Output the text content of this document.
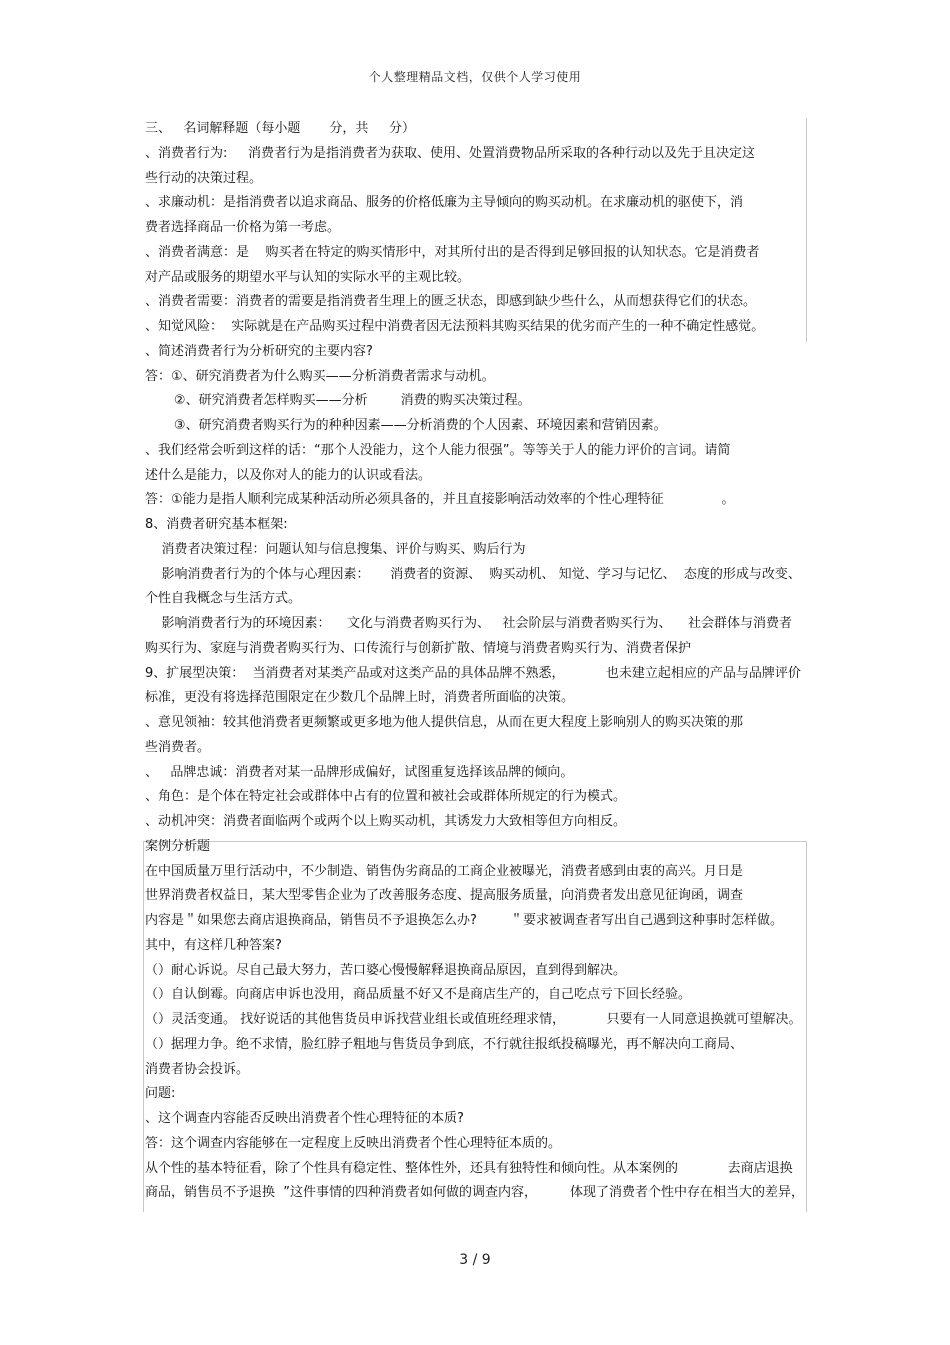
个人整理精品文档，仅供个人学习使用
三、   名词解释题（每小题       分，共     分）
、消费者行为:     消费者行为是指消费者为获取、使用、处置消费物品所采取的各种行动以及先于且决定这
些行动的决策过程。
、求廉动机：是指消费者以追求商品、服务的价格低廉为主导倾向的购买动机。在求廉动机的驱使下，消
费者选择商品一价格为第一考虑。
、消费者满意：是    购买者在特定的购买情形中，对其所付出的是否得到足够回报的认知状态。它是消费者
对产品或服务的期望水平与认知的实际水平的主观比较。
、消费者需要：消费者的需要是指消费者生理上的匮乏状态，即感到缺少些什么，从而想获得它们的状态。
、知觉风险：  实际就是在产品购买过程中消费者因无法预料其购买结果的优劣而产生的一种不确定性感觉。
、简述消费者行为分析研究的主要内容?
答：①、研究消费者为什么购买——分析消费者需求与动机。
②、研究消费者怎样购买——分析        消费的购买决策过程。
③、研究消费者购买行为的种种因素——分析消费的个人因素、环境因素和营销因素。
、我们经常会听到这样的话：“那个人没能力，这个人能力很强”。等等关于人的能力评价的言词。请简
述什么是能力，以及你对人的能力的认识或看法。
答：①能力是指人顺利完成某种活动所必须具备的，并且直接影响活动效率的个性心理特征              。
8、消费者研究基本框架:
消费者决策过程：问题认知与信息搜集、评价与购买、购后行为
影响消费者行为的个体与心理因素：     消费者的资源、  购买动机、 知觉、学习与记忆、  态度的形成与改变、
个性自我概念与生活方式。
影响消费者行为的环境因素：    文化与消费者购买行为、   社会阶层与消费者购买行为、    社会群体与消费者
购买行为、家庭与消费者购买行为、口传流行与创新扩散、情境与消费者购买行为、消费者保护
9、扩展型决策：  当消费者对某类产品或对这类产品的具体品牌不熟悉，          也未建立起相应的产品与品牌评价
标准，更没有将选择范围限定在少数几个品牌上时，消费者所面临的决策。
、意见领袖：较其他消费者更频繁或更多地为他人提供信息，从而在更大程度上影响别人的购买决策的那
些消费者。
、   品牌忠诚：消费者对某一品牌形成偏好，试图重复选择该品牌的倾向。
、角色：是个体在特定社会或群体中占有的位置和被社会或群体所规定的行为模式。
、动机冲突：消费者面临两个或两个以上购买动机，其诱发力大致相等但方向相反。
案例分析题
在中国质量万里行活动中，不少制造、销售伪劣商品的工商企业被曝光，消费者感到由衷的高兴。月日是
世界消费者权益日，某大型零售企业为了改善服务态度、提高服务质量，向消费者发出意见征询函，调查
内容是＂如果您去商店退换商品，销售员不予退换怎么办?        ＂要求被调查者写出自己遇到这种事时怎样做。
其中，有这样几种答案?
（）耐心诉说。尽自己最大努力，苦口婆心慢慢解释退换商品原因，直到得到解决。
（）自认倒霉。向商店申诉也没用，商品质量不好又不是商店生产的，自己吃点亏下回长经验。
（）灵活变通。 找好说话的其他售货员申诉找营业组长或值班经理求情，          只要有一人同意退换就可望解决。
（）据理力争。绝不求情，脸红脖子粗地与售货员争到底，不行就往报纸投稿曝光，再不解决向工商局、
消费者协会投诉。
问题:
、这个调查内容能否反映出消费者个性心理特征的本质?
答：这个调查内容能够在一定程度上反映出消费者个性心理特征本质的。
从个性的基本特征看，除了个性具有稳定性、整体性外，还具有独特性和倾向性。从本案例的            去商店退换
商品，销售员不予退换  ”这件事情的四种消费者如何做的调查内容，        体现了消费者个性中存在相当大的差异，
3 / 9
